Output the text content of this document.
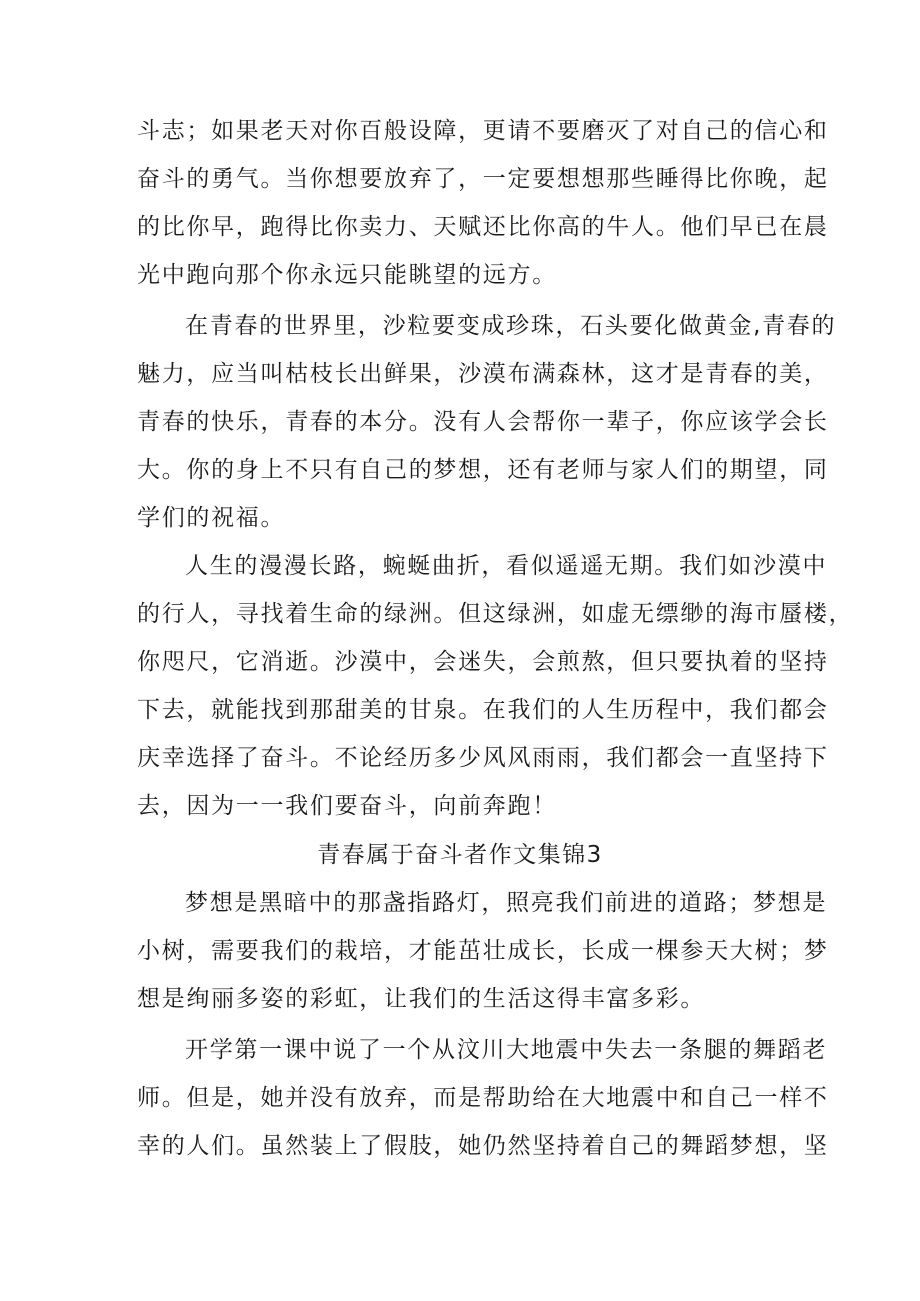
斗志；如果老天对你百般设障，更请不要磨灭了对自己的信心和
奋斗的勇气。当你想要放弃了，一定要想想那些睡得比你晚，起
的比你早，跑得比你卖力、天赋还比你高的牛人。他们早已在晨
光中跑向那个你永远只能眺望的远方。
在青春的世界里，沙粒要变成珍珠，石头要化做黄金,青春的
魅力，应当叫枯枝长出鲜果，沙漠布满森林，这才是青春的美，
青春的快乐，青春的本分。没有人会帮你一辈子，你应该学会长
大。你的身上不只有自己的梦想，还有老师与家人们的期望，同
学们的祝福。
人生的漫漫长路，蜿蜒曲折，看似遥遥无期。我们如沙漠中
的行人，寻找着生命的绿洲。但这绿洲，如虚无缥缈的海市蜃楼，
你咫尺，它消逝。沙漠中，会迷失，会煎熬，但只要执着的坚持
下去，就能找到那甜美的甘泉。在我们的人生历程中，我们都会
庆幸选择了奋斗。不论经历多少风风雨雨，我们都会一直坚持下
去，因为一一我们要奋斗，向前奔跑！
青春属于奋斗者作文集锦3
梦想是黑暗中的那盏指路灯，照亮我们前进的道路；梦想是
小树，需要我们的栽培，才能茁壮成长，长成一棵参天大树；梦
想是绚丽多姿的彩虹，让我们的生活这得丰富多彩。
开学第一课中说了一个从汶川大地震中失去一条腿的舞蹈老
师。但是，她并没有放弃，而是帮助给在大地震中和自己一样不
幸的人们。虽然装上了假肢，她仍然坚持着自己的舞蹈梦想，坚
